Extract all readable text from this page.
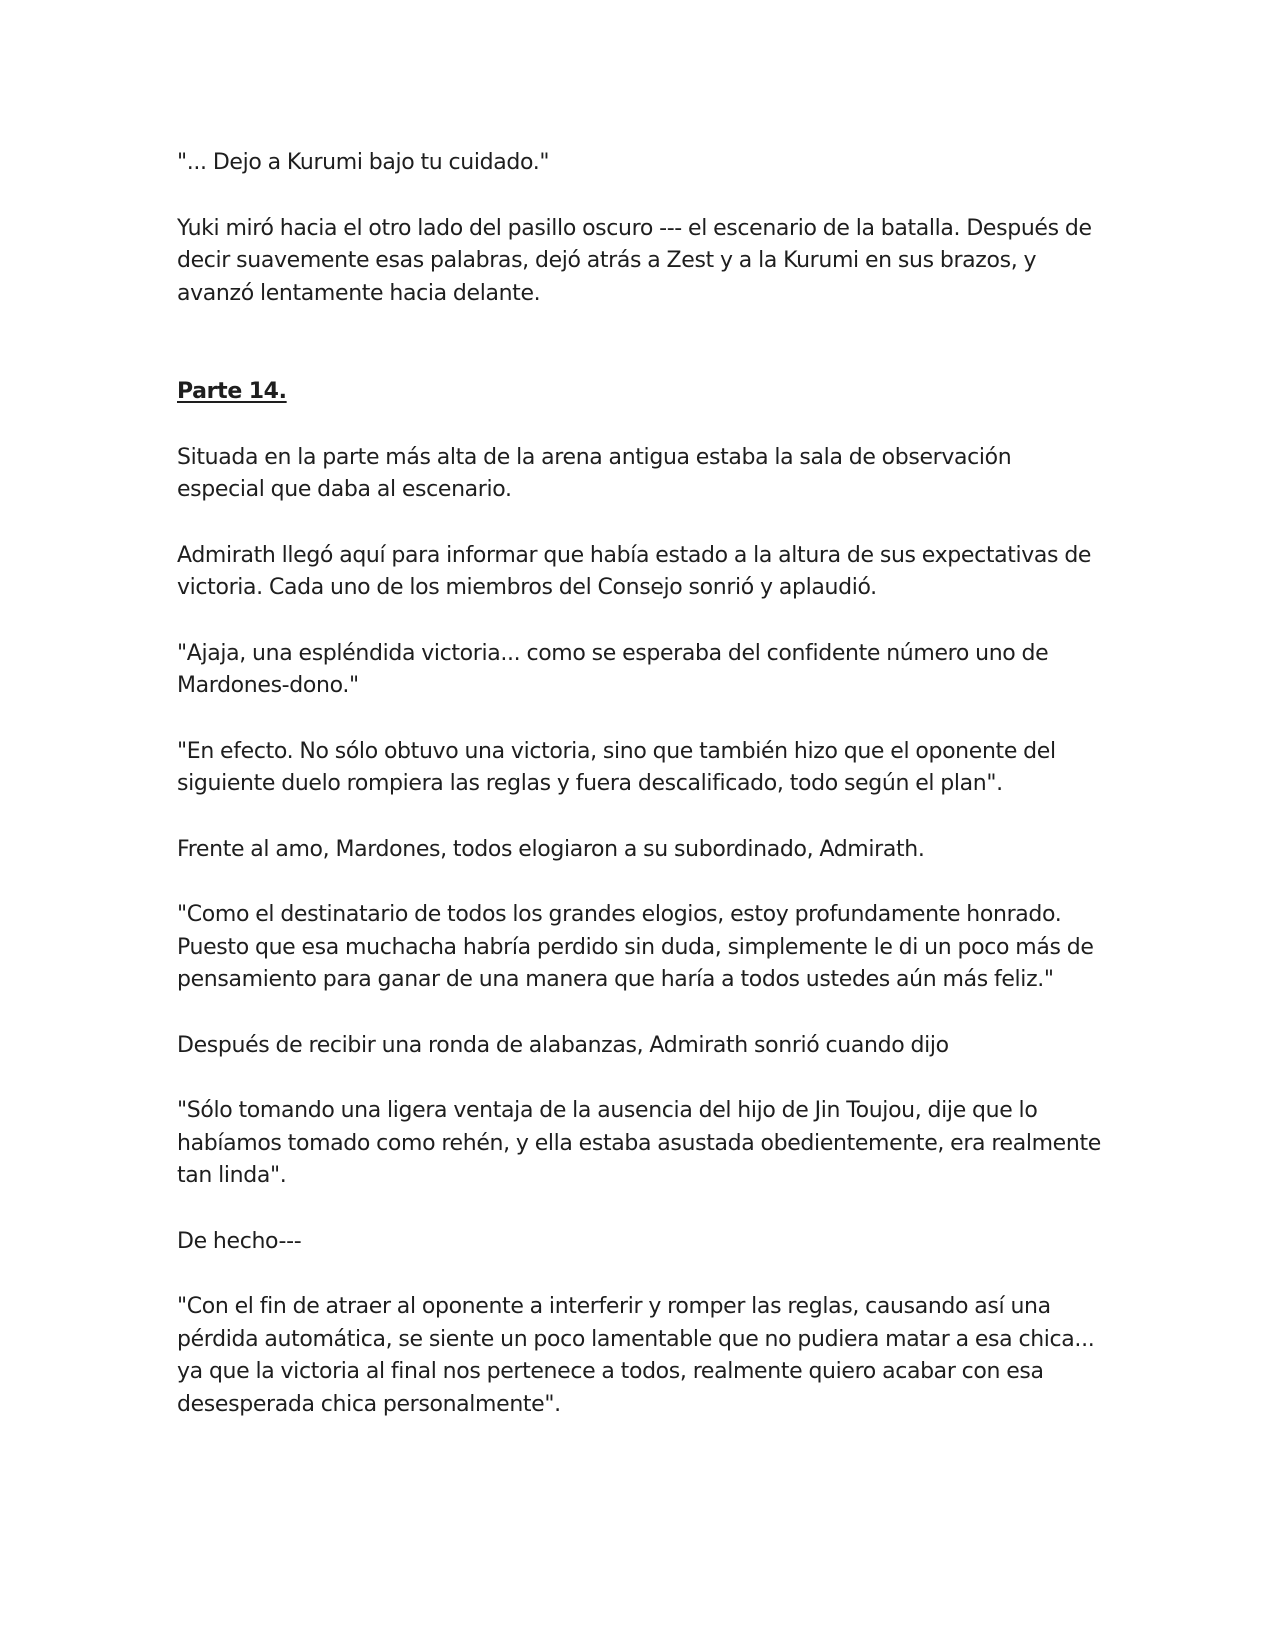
"... Dejo a Kurumi bajo tu cuidado."

Yuki miró hacia el otro lado del pasillo oscuro --- el escenario de la batalla. Después de decir suavemente esas palabras, dejó atrás a Zest y a la Kurumi en sus brazos, y avanzó lentamente hacia delante.

Parte 14.

Situada en la parte más alta de la arena antigua estaba la sala de observación especial que daba al escenario.

Admirath llegó aquí para informar que había estado a la altura de sus expectativas de victoria. Cada uno de los miembros del Consejo sonrió y aplaudió.

"Ajaja, una espléndida victoria... como se esperaba del confidente número uno de Mardones-dono."

"En efecto. No sólo obtuvo una victoria, sino que también hizo que el oponente del siguiente duelo rompiera las reglas y fuera descalificado, todo según el plan".

Frente al amo, Mardones, todos elogiaron a su subordinado, Admirath.

"Como el destinatario de todos los grandes elogios, estoy profundamente honrado. Puesto que esa muchacha habría perdido sin duda, simplemente le di un poco más de pensamiento para ganar de una manera que haría a todos ustedes aún más feliz."

Después de recibir una ronda de alabanzas, Admirath sonrió cuando dijo

"Sólo tomando una ligera ventaja de la ausencia del hijo de Jin Toujou, dije que lo habíamos tomado como rehén, y ella estaba asustada obedientemente, era realmente tan linda".

De hecho---

"Con el fin de atraer al oponente a interferir y romper las reglas, causando así una pérdida automática, se siente un poco lamentable que no pudiera matar a esa chica... ya que la victoria al final nos pertenece a todos, realmente quiero acabar con esa desesperada chica personalmente".
